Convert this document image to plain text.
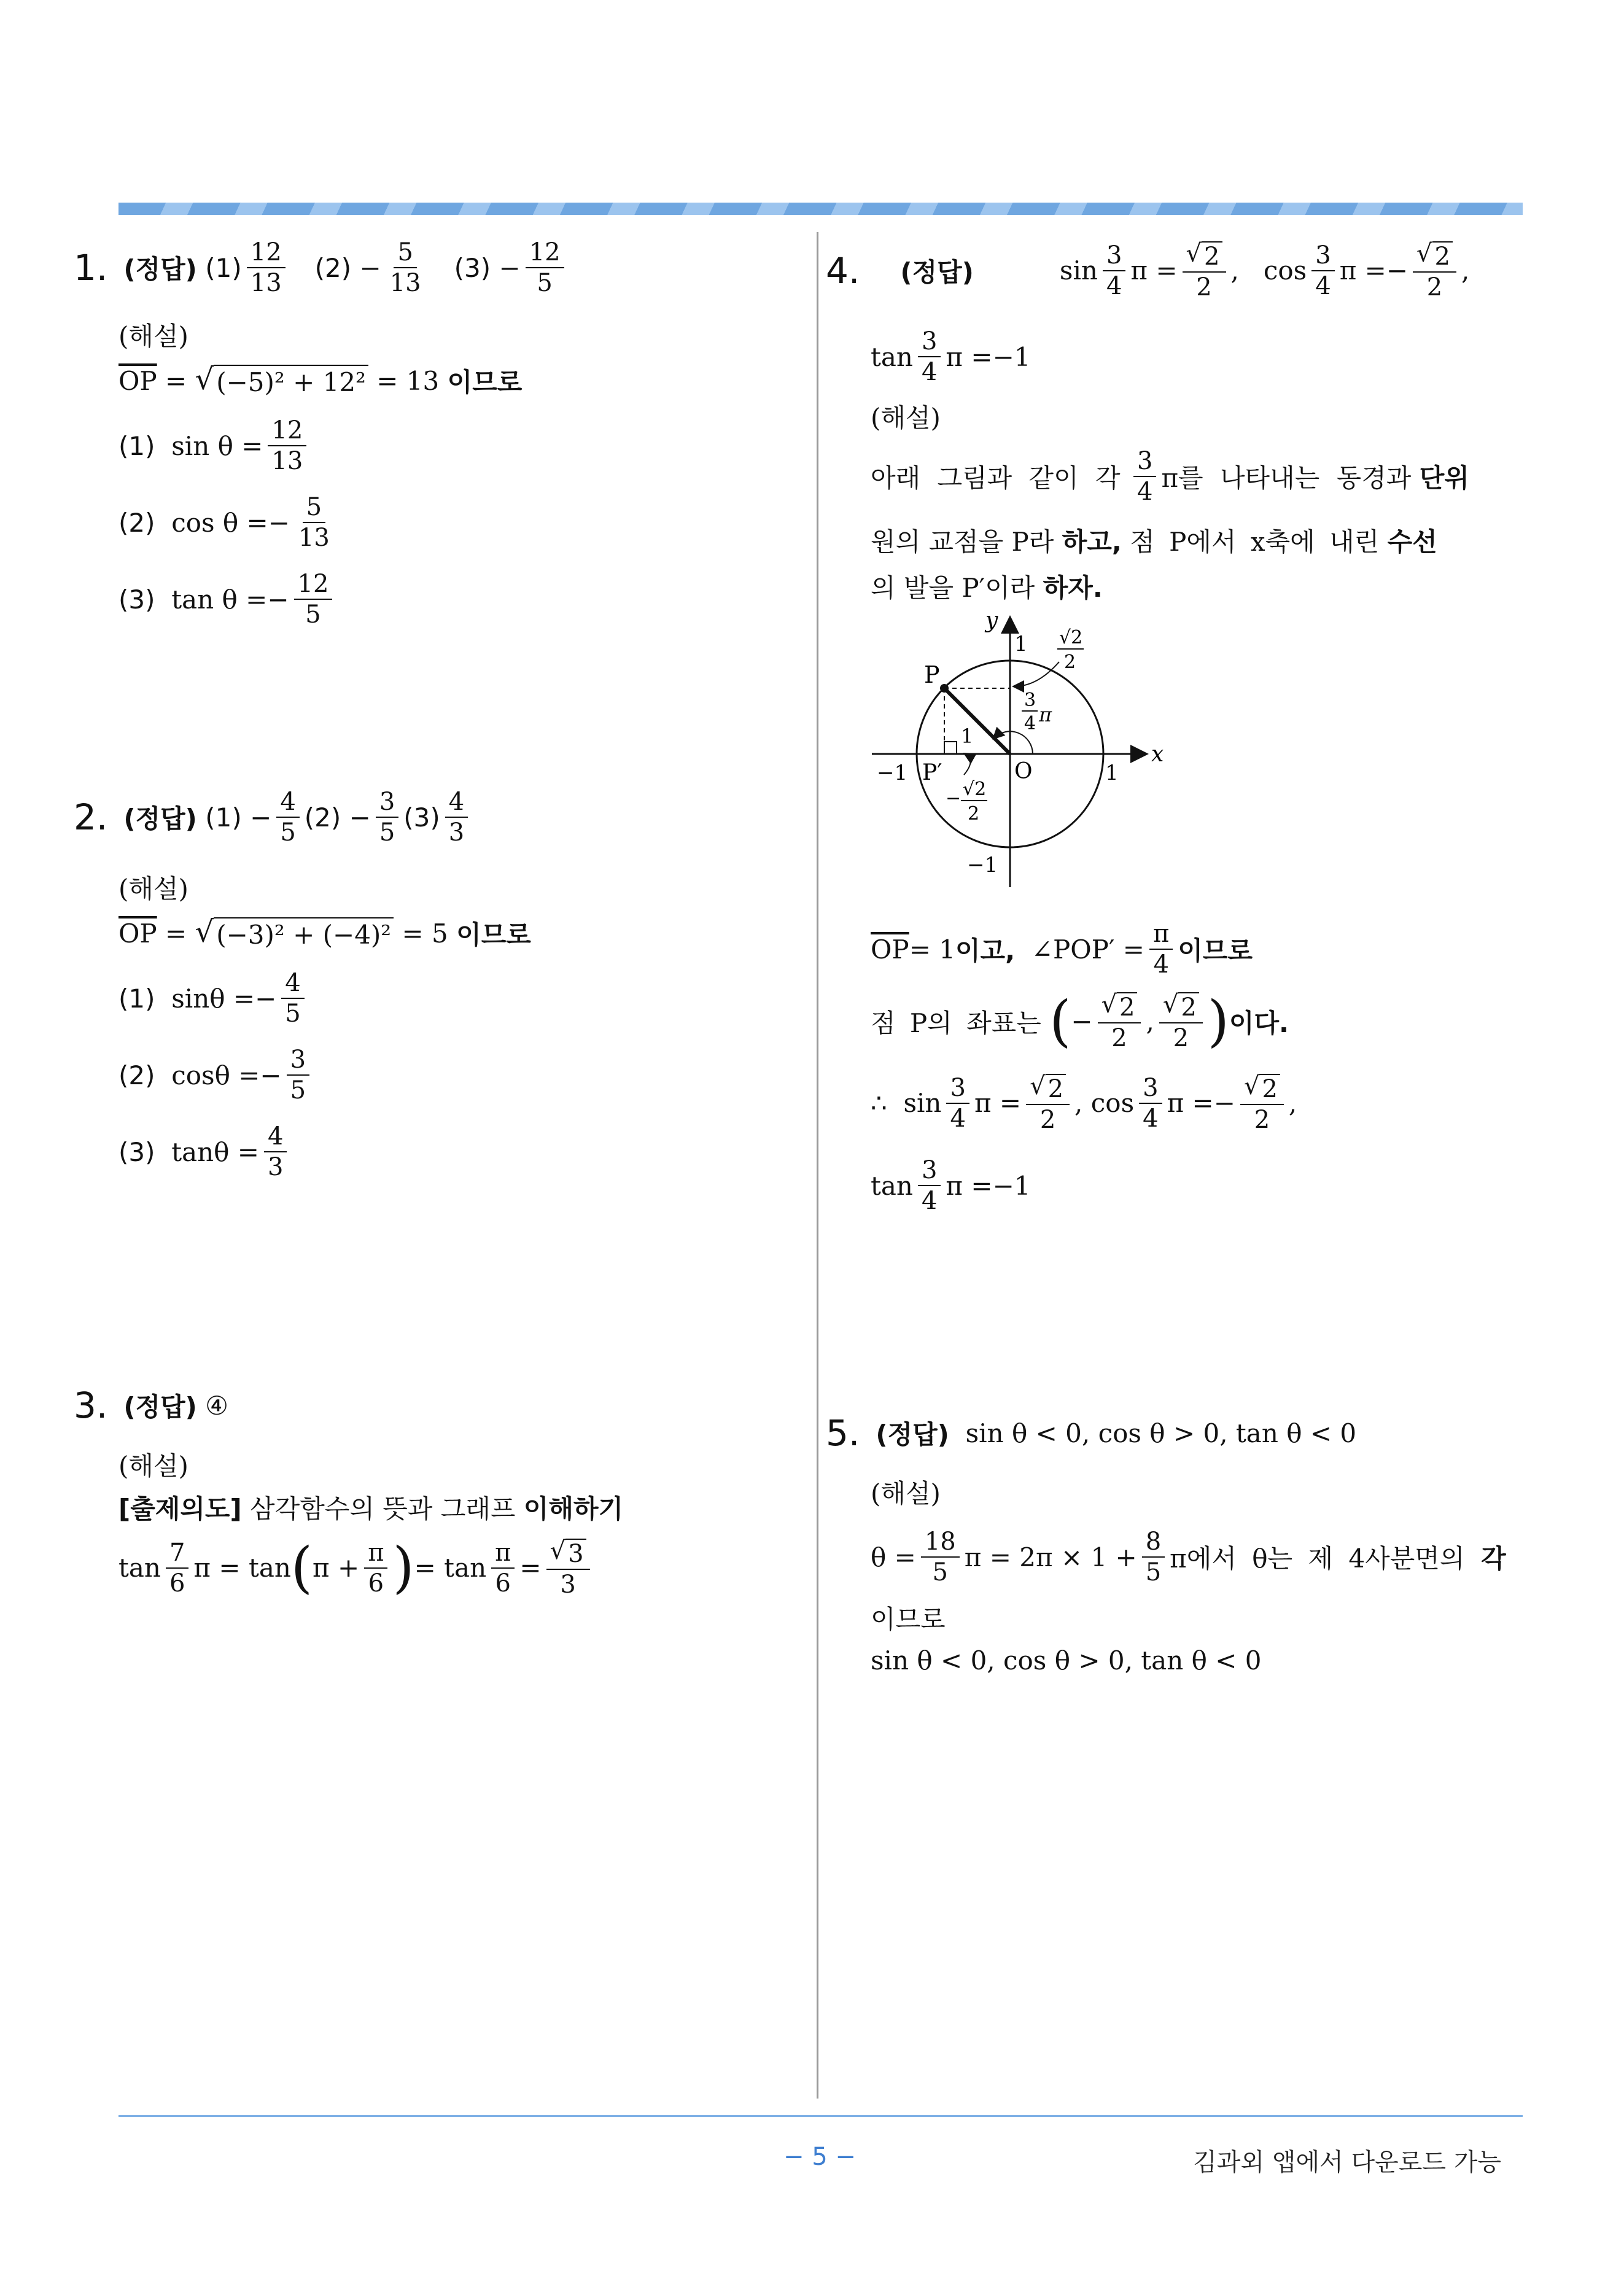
1. (정답)
$(1) \frac{12}{13} (2)$
− $\frac{5}{13} (3)$
− $\frac{12}{5}$
(해설)
$\overline{OP}$ = √ (−5)² + 12²
= 13
이므로
(1)
$\sin \theta = \frac{12}{13}$
(2)
$\cos \theta =- \frac{5}{13}$
(3)
$\tan \theta =- \frac{12}{5}$
2. (정답)
(1)
− $\frac{4}{5} (2)$
− $\frac{3}{5} (3) \frac{4}{3}$
(해설)
$\overline{OP}$ = √ (−3)² + (−4)²
= 5
이므로
(1)
$\sin\theta =- \frac{4}{5}$
(2)
$\cos\theta =- \frac{3}{5}$
(3)
$\tan\theta = \frac{4}{3}$
3. (정답)
④
(해설)
[출제의도]
삼각함수의 뜻과 그래프
이해하기
$\tan \frac{7}{6}$ π =
tan ( $\pi + \frac{\pi}{6}$ ) = $\tan \frac{\pi}{6} = \frac{√ 3}{3}$
4. (정답)	$\sin \frac{3}{4}$ $\pi = \frac{√ 2}{2}$ , $\cos \frac{3}{4}$ $\pi =- \frac{√ 2}{2}$ ,
$\tan \frac{3}{4}$ π =−1
(해설)
아래 그림과 같이 각
$\frac{3}{4}$ π를 나타내는 동경과
단위
원의 교점을 P라
하고,
점 P에서 x축에 내린
수선
의 발을 P′이라
하자.
y
x
1
1
−1
−1
P
P′	O
1
3
4 π
√2
2
− √2
2
$\overline{OP} = 1$ 이고,
∠POP′ = $\frac{\pi}{4}$ 이므로
점 P의 좌표는
( − $\frac{√ 2}{2}$ , $\frac{√ 2}{2}$ ) 이다.
∴
$\sin \frac{3}{4}$ $\pi = \frac{√ 2}{2}$ ,
$\cos \frac{3}{4}$ $\pi =- \frac{√ 2}{2}$ ,
$\tan \frac{3}{4}$ π =−1
5. (정답)
sin θ < 0, cos θ > 0, tan θ < 0
(해설)
$\theta = \frac{18}{5}$ $\pi = 2\pi \times 1 + \frac{8}{5}$ π에서 θ는 제 4사분면의
각
이므로
sin θ < 0, cos θ > 0, tan θ < 0
− 5 −	김과외 앱에서 다운로드 가능
